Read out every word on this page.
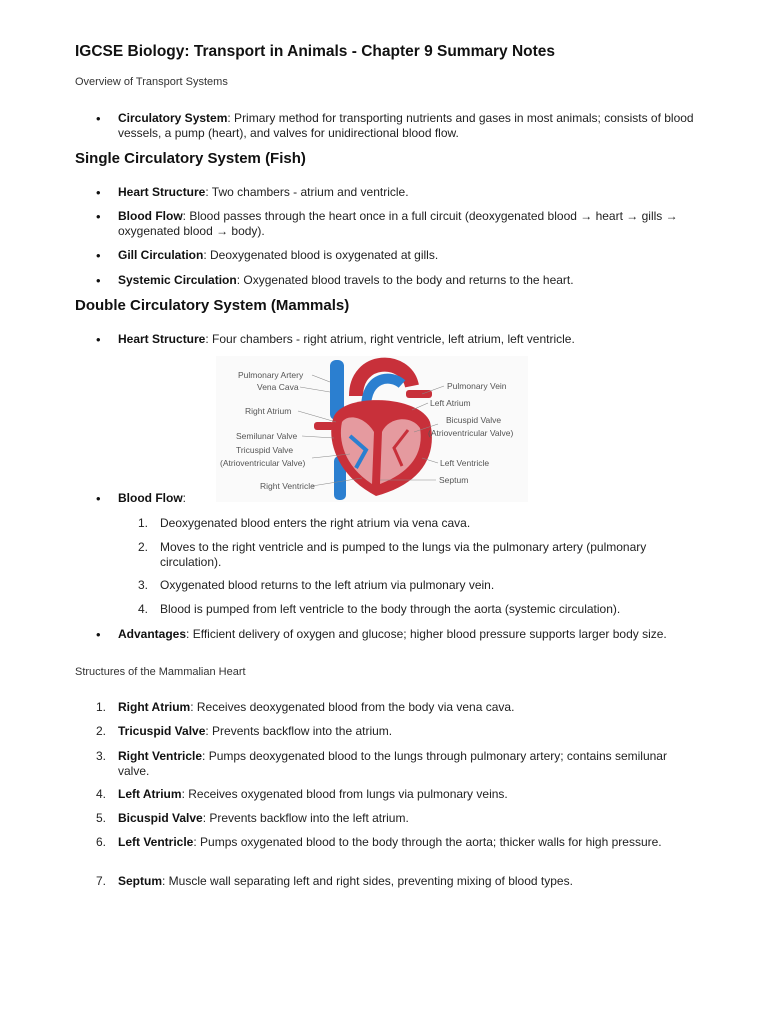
IGCSE Biology: Transport in Animals - Chapter 9 Summary Notes

Overview of Transport Systems

• Circulatory System: Primary method for transporting nutrients and gases in most animals; consists of blood vessels, a pump (heart), and valves for unidirectional blood flow.
Single Circulatory System (Fish)
• Heart Structure: Two chambers - atrium and ventricle.
• Blood Flow: Blood passes through the heart once in a full circuit (deoxygenated blood → heart → gills → oxygenated blood → body).
• Gill Circulation: Deoxygenated blood is oxygenated at gills.
• Systemic Circulation: Oxygenated blood travels to the body and returns to the heart.
Double Circulatory System (Mammals)
• Heart Structure: Four chambers - right atrium, right ventricle, left atrium, left ventricle.
Pulmonary Artery
Vena Cava
Right Atrium
Semilunar Valve
Tricuspid Valve
(Atrioventricular Valve)
Right Ventricle
Pulmonary Vein
Left Atrium
Bicuspid Valve
(Atrioventricular Valve)
Left Ventricle
Septum
• Blood Flow:
1. Deoxygenated blood enters the right atrium via vena cava.
2. Moves to the right ventricle and is pumped to the lungs via the pulmonary artery (pulmonary circulation).
3. Oxygenated blood returns to the left atrium via pulmonary vein.
4. Blood is pumped from left ventricle to the body through the aorta (systemic circulation).
• Advantages: Efficient delivery of oxygen and glucose; higher blood pressure supports larger body size.

Structures of the Mammalian Heart

1. Right Atrium: Receives deoxygenated blood from the body via vena cava.
2. Tricuspid Valve: Prevents backflow into the atrium.
3. Right Ventricle: Pumps deoxygenated blood to the lungs through pulmonary artery; contains semilunar valve.
4. Left Atrium: Receives oxygenated blood from lungs via pulmonary veins.
5. Bicuspid Valve: Prevents backflow into the left atrium.
6. Left Ventricle: Pumps oxygenated blood to the body through the aorta; thicker walls for high pressure.
7. Septum: Muscle wall separating left and right sides, preventing mixing of blood types.
